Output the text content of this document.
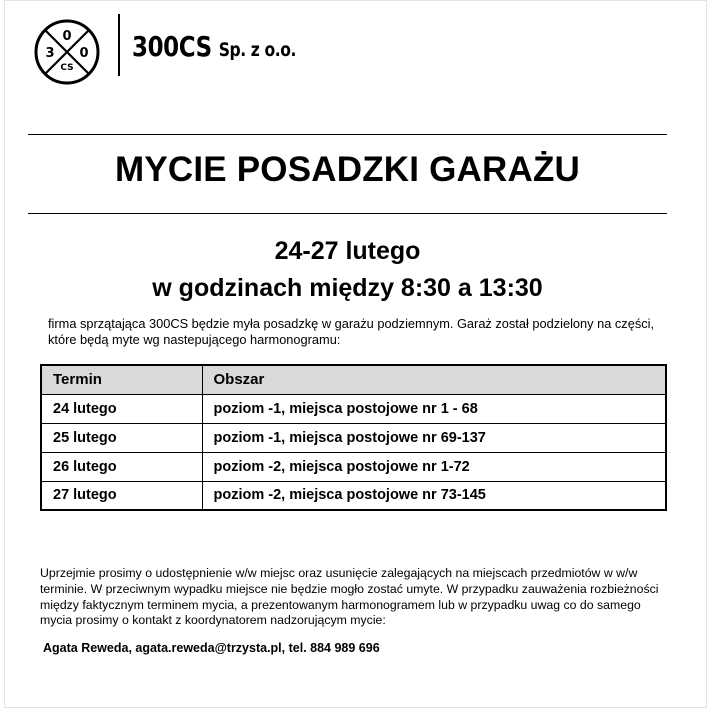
0
3 0
CS
300CS Sp. z o.o.
MYCIE POSADZKI GARAŻU
24-27 lutego
w godzinach między 8:30 a 13:30
firma sprzątająca 300CS będzie myła posadzkę w garażu podziemnym. Garaż został podzielony na części, które będą myte wg nastepującego harmonogramu:
Termin	Obszar
24 lutego	poziom -1, miejsca postojowe nr 1 - 68
25 lutego	poziom -1, miejsca postojowe nr 69-137
26 lutego	poziom -2, miejsca postojowe nr 1-72
27 lutego	poziom -2, miejsca postojowe nr 73-145
Uprzejmie prosimy o udostępnienie w/w miejsc oraz usunięcie zalegających na miejscach przedmiotów w w/w terminie. W przeciwnym wypadku miejsce nie będzie mogło zostać umyte. W przypadku zauważenia rozbieżności między faktycznym terminem mycia, a prezentowanym harmonogramem lub w przypadku uwag co do samego mycia prosimy o kontakt z koordynatorem nadzorującym mycie:
Agata Reweda, agata.reweda@trzysta.pl, tel. 884 989 696
